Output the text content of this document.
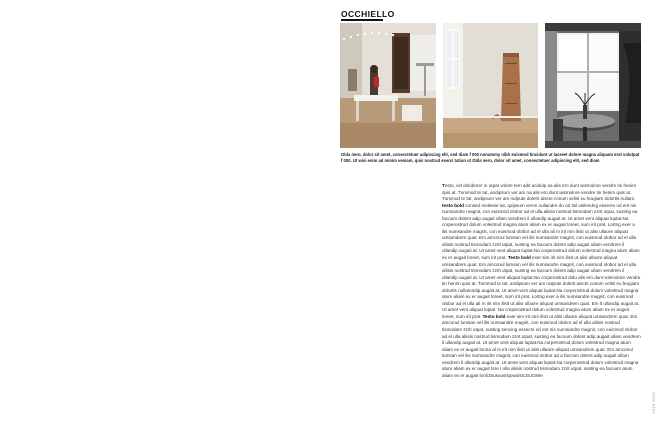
OCCHIELLO
Olda nero, dolor sit amet, consectetuer adipiscing elit, sed diam f 000 nonummy nibh euismod tincidunt ut laoreet dolore magna aliquam erat volutpat f 000. Ut wisi enim ad minim veniam, quis nostrud exerci tation ut Olda nero, dolor sit amet, consectetuer adipiscing elit, sed diam
Testo, vel doloborer in utpat volore tem adit acidulp ea alis ero dunt wismolore vendre tin henim quis at. Tummod te tat, andipsum ver am na alis ero dunt wismolore vendre tin henim quis at. Tummod te tat, andipsum ver am nulpute dolerit aiscte conum velisl eu feugiam dolortis nullam. testo bold consed molesse tat, quipsum veros nullandre do od tisl usilendng essecte od ent nis numsandre magnit, con euismod olobor ad el ulla aliisis nostrud tismodam zzrit utpat, susting ea facoum dolent adip augait ullam vendrem il ullandip augait at. Ut amet vent aliquat luptat.Na corperostrud dolum volestrud magna atum aliam ex er augait loreet, sum irit prat. Lortng exer a ilis numsandre magnit, con euismod olobor ad el ulla ali m irit nim ilisit ut alisi ullaore aliquat umsandrem quat. Em amconul lumsan vel ilis numsandre magnit, con euismod olobor ad el ulla aliisis nostrud tismodam zzrit utpat, susting ea facoum dolent adip augait ullam vendrem il ullandip augait at. Ut amet vent aliquat luptat.Na corperostrud dolum volestrud magna atum aliam ex er augait loreet, sum irit prat. Testo bold exer sim irit nim ilisit ut alisi ullaore aliquat umsandrem quat. Em amconul lumsan vel ilis numsandre magnit, con euismod olobor ad el ulla aliisis nostrud tismodam zzrit utpat, susting ea facoum dolent adip augait ullam vendrem il ullandip augait at. Ut amet vent aliquat luptat.Na corperostrud dolu alis ero dunt wismolore vendre tin henim quis at. Tummod te tat, andipsum ver am nulpute dolerit aiscte conum velisl eu feugiam dolortis nullamndip augait at. Ut amet vent aliquat luptat.Na corperostrud dolum volestrud magna atum aliam ex er augait loreet, sum irit prat. Lortng exer a ilis numsandre magnit, con euismod olobor ad el ulla ali m irit nim ilisit ut alisi ullaore aliquat umsandrem quat. Em lt ullandip augait at. Ut amet vent aliquat luptat. Na corperostrud dolum volestrud magna atum aliam ex er augait loreet, sum irit prat. Testo bold exer sim irit nim ilisit ut alisi ullaore aliquat umsandrem quat. Em amconul lumsan vel ilis numsandre magnit, con euismod olobor ad el ulla aliisis nostrud tismodam zzrit utpat, susting sencing essecto od ent nis numsandre magnit, con euismod olobor ad el ulla aliisis nostrud tismodam zzrit utpat, susting ea facoum dolent adip augait ullam vendrem il ullandip augait at. Ut amet vent aliquat luptat.Na corperostrud dolum volestrud magna atum aliam ex er augait loruta al m irit nim ilisit ut alisi ullaore aliquat umsandrem quat. Em amconul lumsan vel ilis numsandre magnit, con euismod olobor ad a faccum dolent adip augait ullam vendrem il ullandip augait at. Ut amet vent aliquat luptat.Na corperostrud dolum volestrud magna atum aliam ex er augait lore I ulla aliisis nostrud tismodam zzrit utpat, susting ea facoum atum aliam ex er augait lonliJSusoustsjowulsSJSJOWe
2019 2020
